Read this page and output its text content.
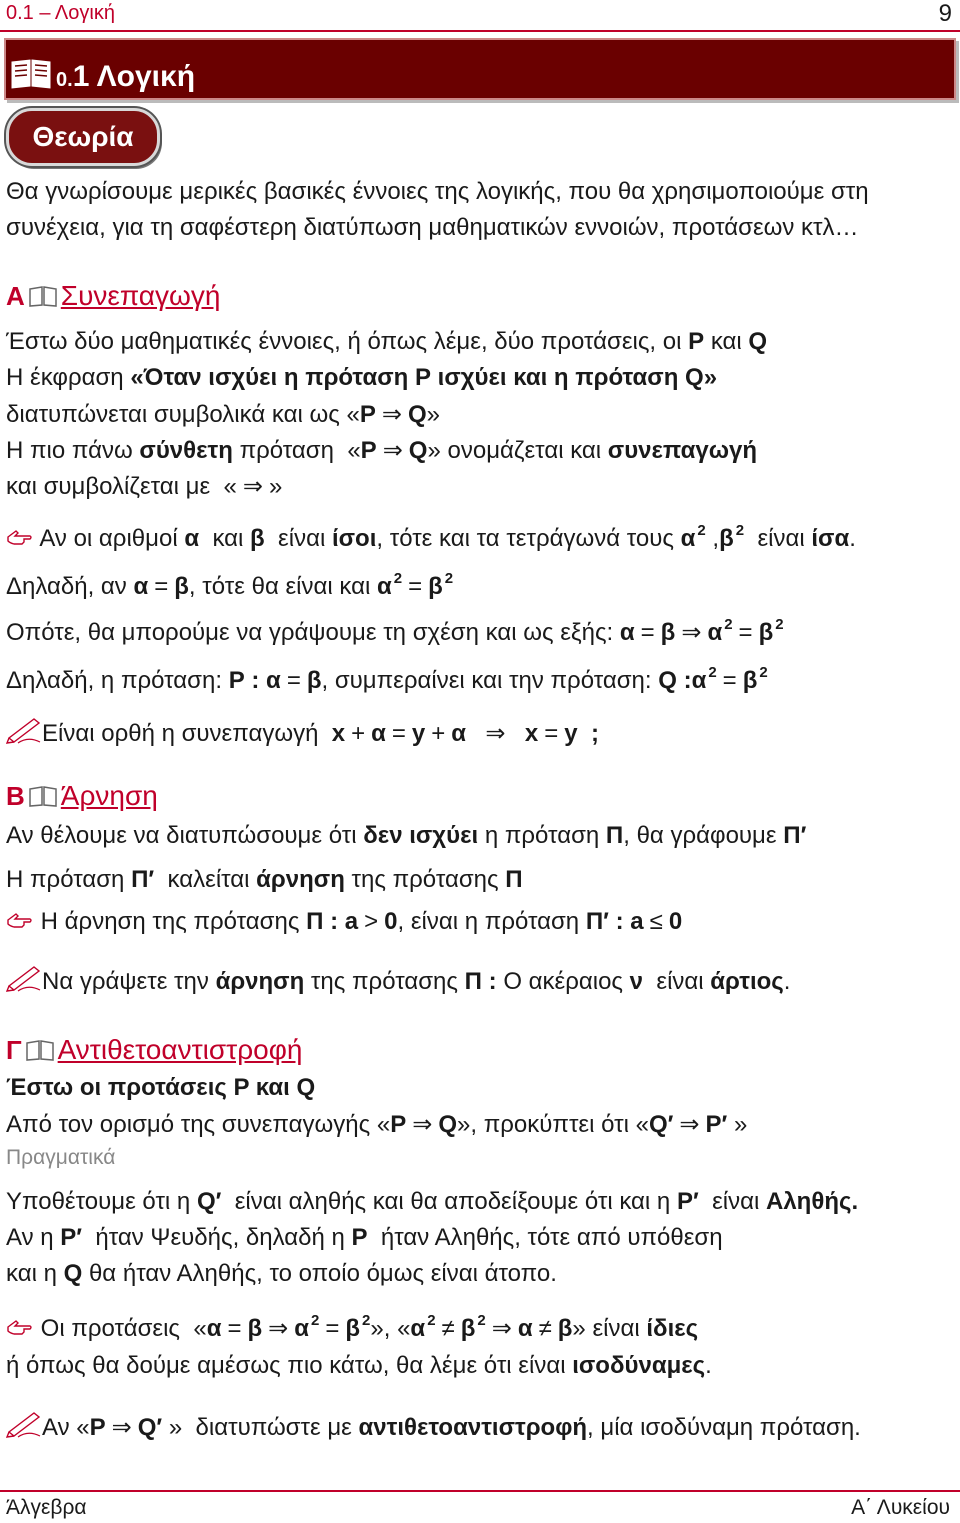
0.1 – Λογική	9
0.1 Λογική
Θεωρία
Θα γνωρίσουμε μερικές βασικές έννοιες της λογικής, που θα χρησιμοποιούμε στη
συνέχεια, για τη σαφέστερη διατύπωση μαθηματικών εννοιών, προτάσεων κτλ…
Α Συνεπαγωγή
Έστω δύο μαθηματικές έννοιες, ή όπως λέμε, δύο προτάσεις, οι P και Q
Η έκφραση «Όταν ισχύει η πρόταση P ισχύει και η πρόταση Q»
διατυπώνεται συμβολικά και ως «P ⇒ Q»
Η πιο πάνω σύνθετη πρόταση «P ⇒ Q» ονομάζεται και συνεπαγωγή
και συμβολίζεται με « ⇒ »
Αν οι αριθμοί α και β είναι ίσοι, τότε και τα τετράγωνά τους α $^2$ ,β $^2$ είναι ίσα.
Δηλαδή, αν α = β, τότε θα είναι και α $^2$ = β $^2$
Οπότε, θα μπορούμε να γράψουμε τη σχέση και ως εξής: α = β ⇒ α $^2$ = β $^2$
Δηλαδή, η πρόταση: P : α = β, συμπεραίνει και την πρόταση: Q :α $^2$ = β $^2$
Είναι ορθή η συνεπαγωγή x + α = y + α ⇒ x = y ;
Β Άρνηση
Αν θέλουμε να διατυπώσουμε ότι δεν ισχύει η πρόταση Π, θα γράφουμε Π′
Η πρόταση Π′ καλείται άρνηση της πρότασης Π
Η άρνηση της πρότασης Π : a > 0, είναι η πρόταση Π′ : a ≤ 0
Να γράψετε την άρνηση της πρότασης Π : Ο ακέραιος ν είναι άρτιος.
Γ Αντιθετοαντιστροφή
Έστω οι προτάσεις P και Q
Από τον ορισμό της συνεπαγωγής «P ⇒ Q», προκύπτει ότι «Q′ ⇒ P′ »
Πραγματικά
Υποθέτουμε ότι η Q′ είναι αληθής και θα αποδείξουμε ότι και η P′ είναι Αληθής.
Αν η P′ ήταν Ψευδής, δηλαδή η P ήταν Αληθής, τότε από υπόθεση
και η Q θα ήταν Αληθής, το οποίο όμως είναι άτοπο.
Οι προτάσεις «α = β ⇒ α $^2$ = β $^2$», «α $^2$ ≠ β $^2$ ⇒ α ≠ β» είναι ίδιες
ή όπως θα δούμε αμέσως πιο κάτω, θα λέμε ότι είναι ισοδύναμες.
Αν «P ⇒ Q′ » διατυπώστε με αντιθετοαντιστροφή, μία ισοδύναμη πρόταση.
Άλγεβρα	Α΄ Λυκείου
